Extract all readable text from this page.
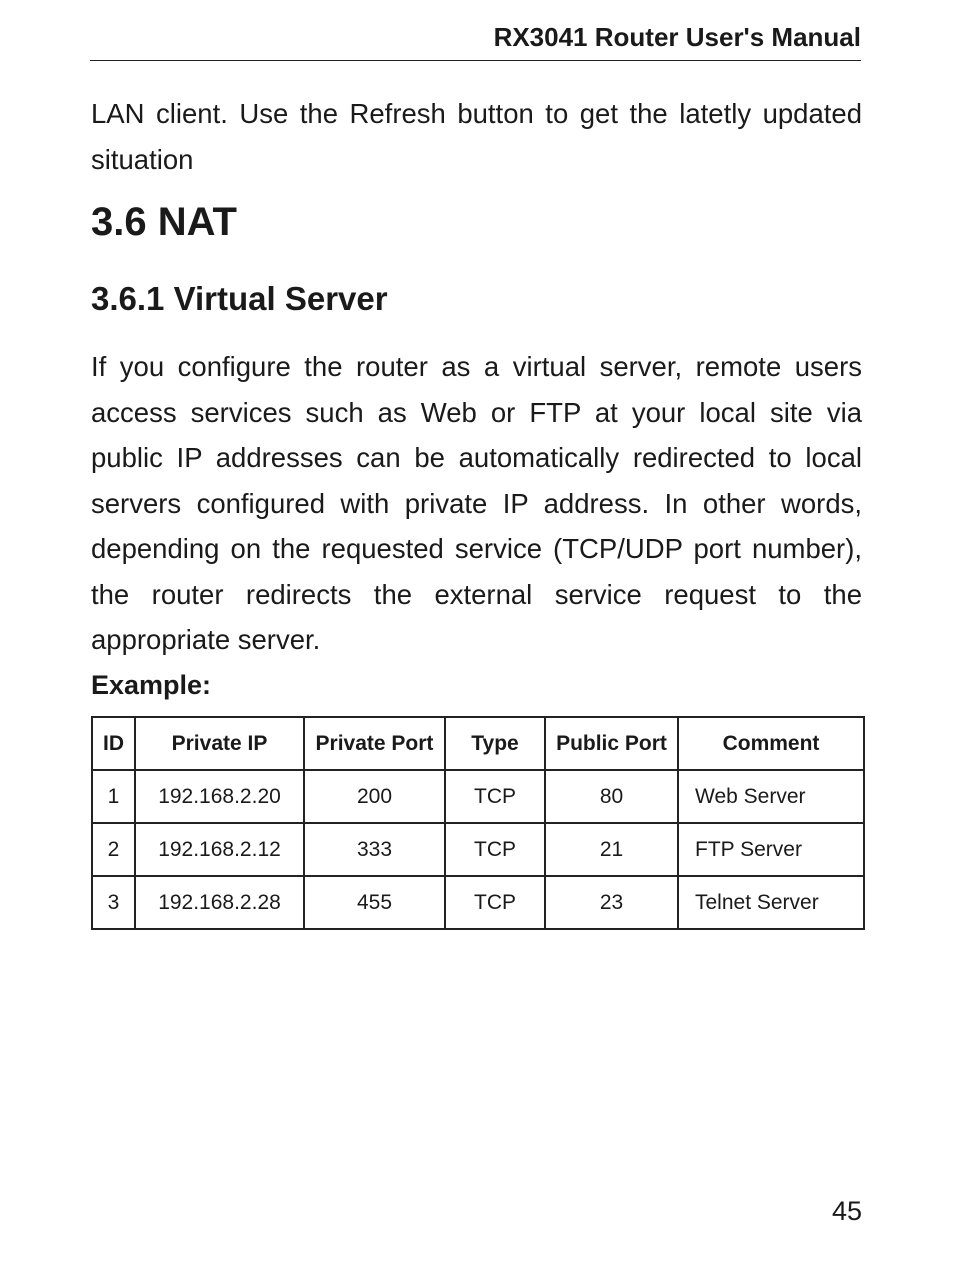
RX3041 Router User's Manual

LAN client. Use the Refresh button to get the latetly updated situation

3.6 NAT
3.6.1 Virtual Server

If you configure the router as a virtual server, remote users access services such as Web or FTP at your local site via public IP addresses can be automatically redirected to local servers configured with private IP address. In other words, depending on the requested service (TCP/UDP port number), the router redirects the external service request to the appropriate server.

Example:
ID	Private IP	Private Port	Type	Public Port	Comment
1	192.168.2.20	200	TCP	80	Web Server
2	192.168.2.12	333	TCP	21	FTP Server
3	192.168.2.28	455	TCP	23	Telnet Server
45
